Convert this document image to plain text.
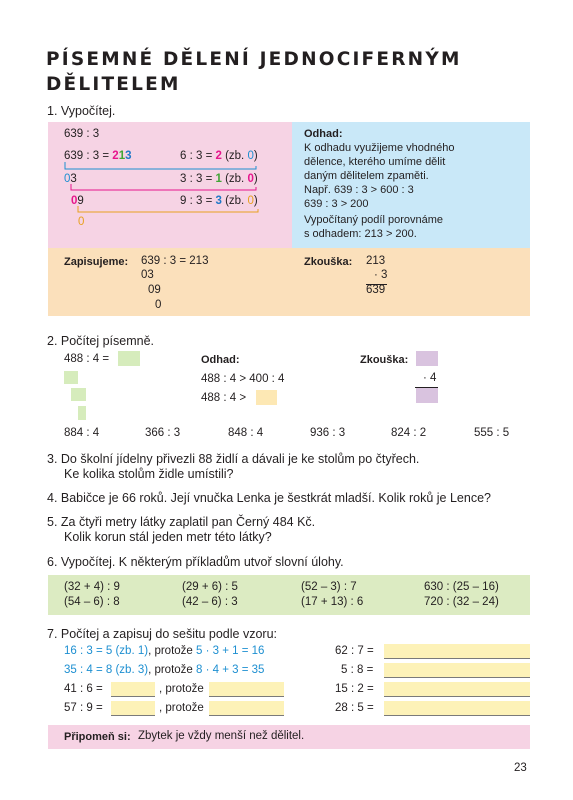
PÍSEMNÉ DĚLENÍ JEDNOCIFERNÝM
DĚLITELEM
1. Vypočítej.
639 : 3
639 : 3 = 213	6 : 3 = 2 (zb. 0)
3 : 3 = 1 (zb. 0)
9 : 3 = 3 (zb. 0)
03
09
0
Odhad:
K odhadu využijeme vhodného
dělence, kterého umíme dělit
daným dělitelem zpaměti.
Např. 639 : 3 > 600 : 3
639 : 3 > 200
Vypočítaný podíl porovnáme
s odhadem: 213 > 200.
Zapisujeme: 639 : 3 = 213
03
09
0
Zkouška: 213
· 3
639
2. Počítej písemně.
488 : 4 =	Odhad:
488 : 4 > 400 : 4
488 : 4 >
Zkouška:
· 4
884 : 4	366 : 3	848 : 4	936 : 3	824 : 2	555 : 5
3. Do školní jídelny přivezli 88 židlí a dávali je ke stolům po čtyřech.
Ke kolika stolům židle umístili?
4. Babičce je 66 roků. Její vnučka Lenka je šestkrát mladší. Kolik roků je Lence?
5. Za čtyři metry látky zaplatil pan Černý 484 Kč.
Kolik korun stál jeden metr této látky?
6. Vypočítej. K některým příkladům utvoř slovní úlohy.
(32 + 4) : 9	(29 + 6) : 5	(52 – 3) : 7	630 : (25 – 16)
(54 – 6) : 8	(42 – 6) : 3	(17 + 13) : 6	720 : (32 – 24)
7. Počítej a zapisuj do sešitu podle vzoru:
16 : 3 = 5 (zb. 1), protože 5 · 3 + 1 = 16
35 : 4 = 8 (zb. 3), protože 8 · 4 + 3 = 35
41 : 6 =	, protože
57 : 9 =	, protože
62 : 7 =
5 : 8 =
15 : 2 =
28 : 5 =
Připomeň si: Zbytek je vždy menší než dělitel.
23
